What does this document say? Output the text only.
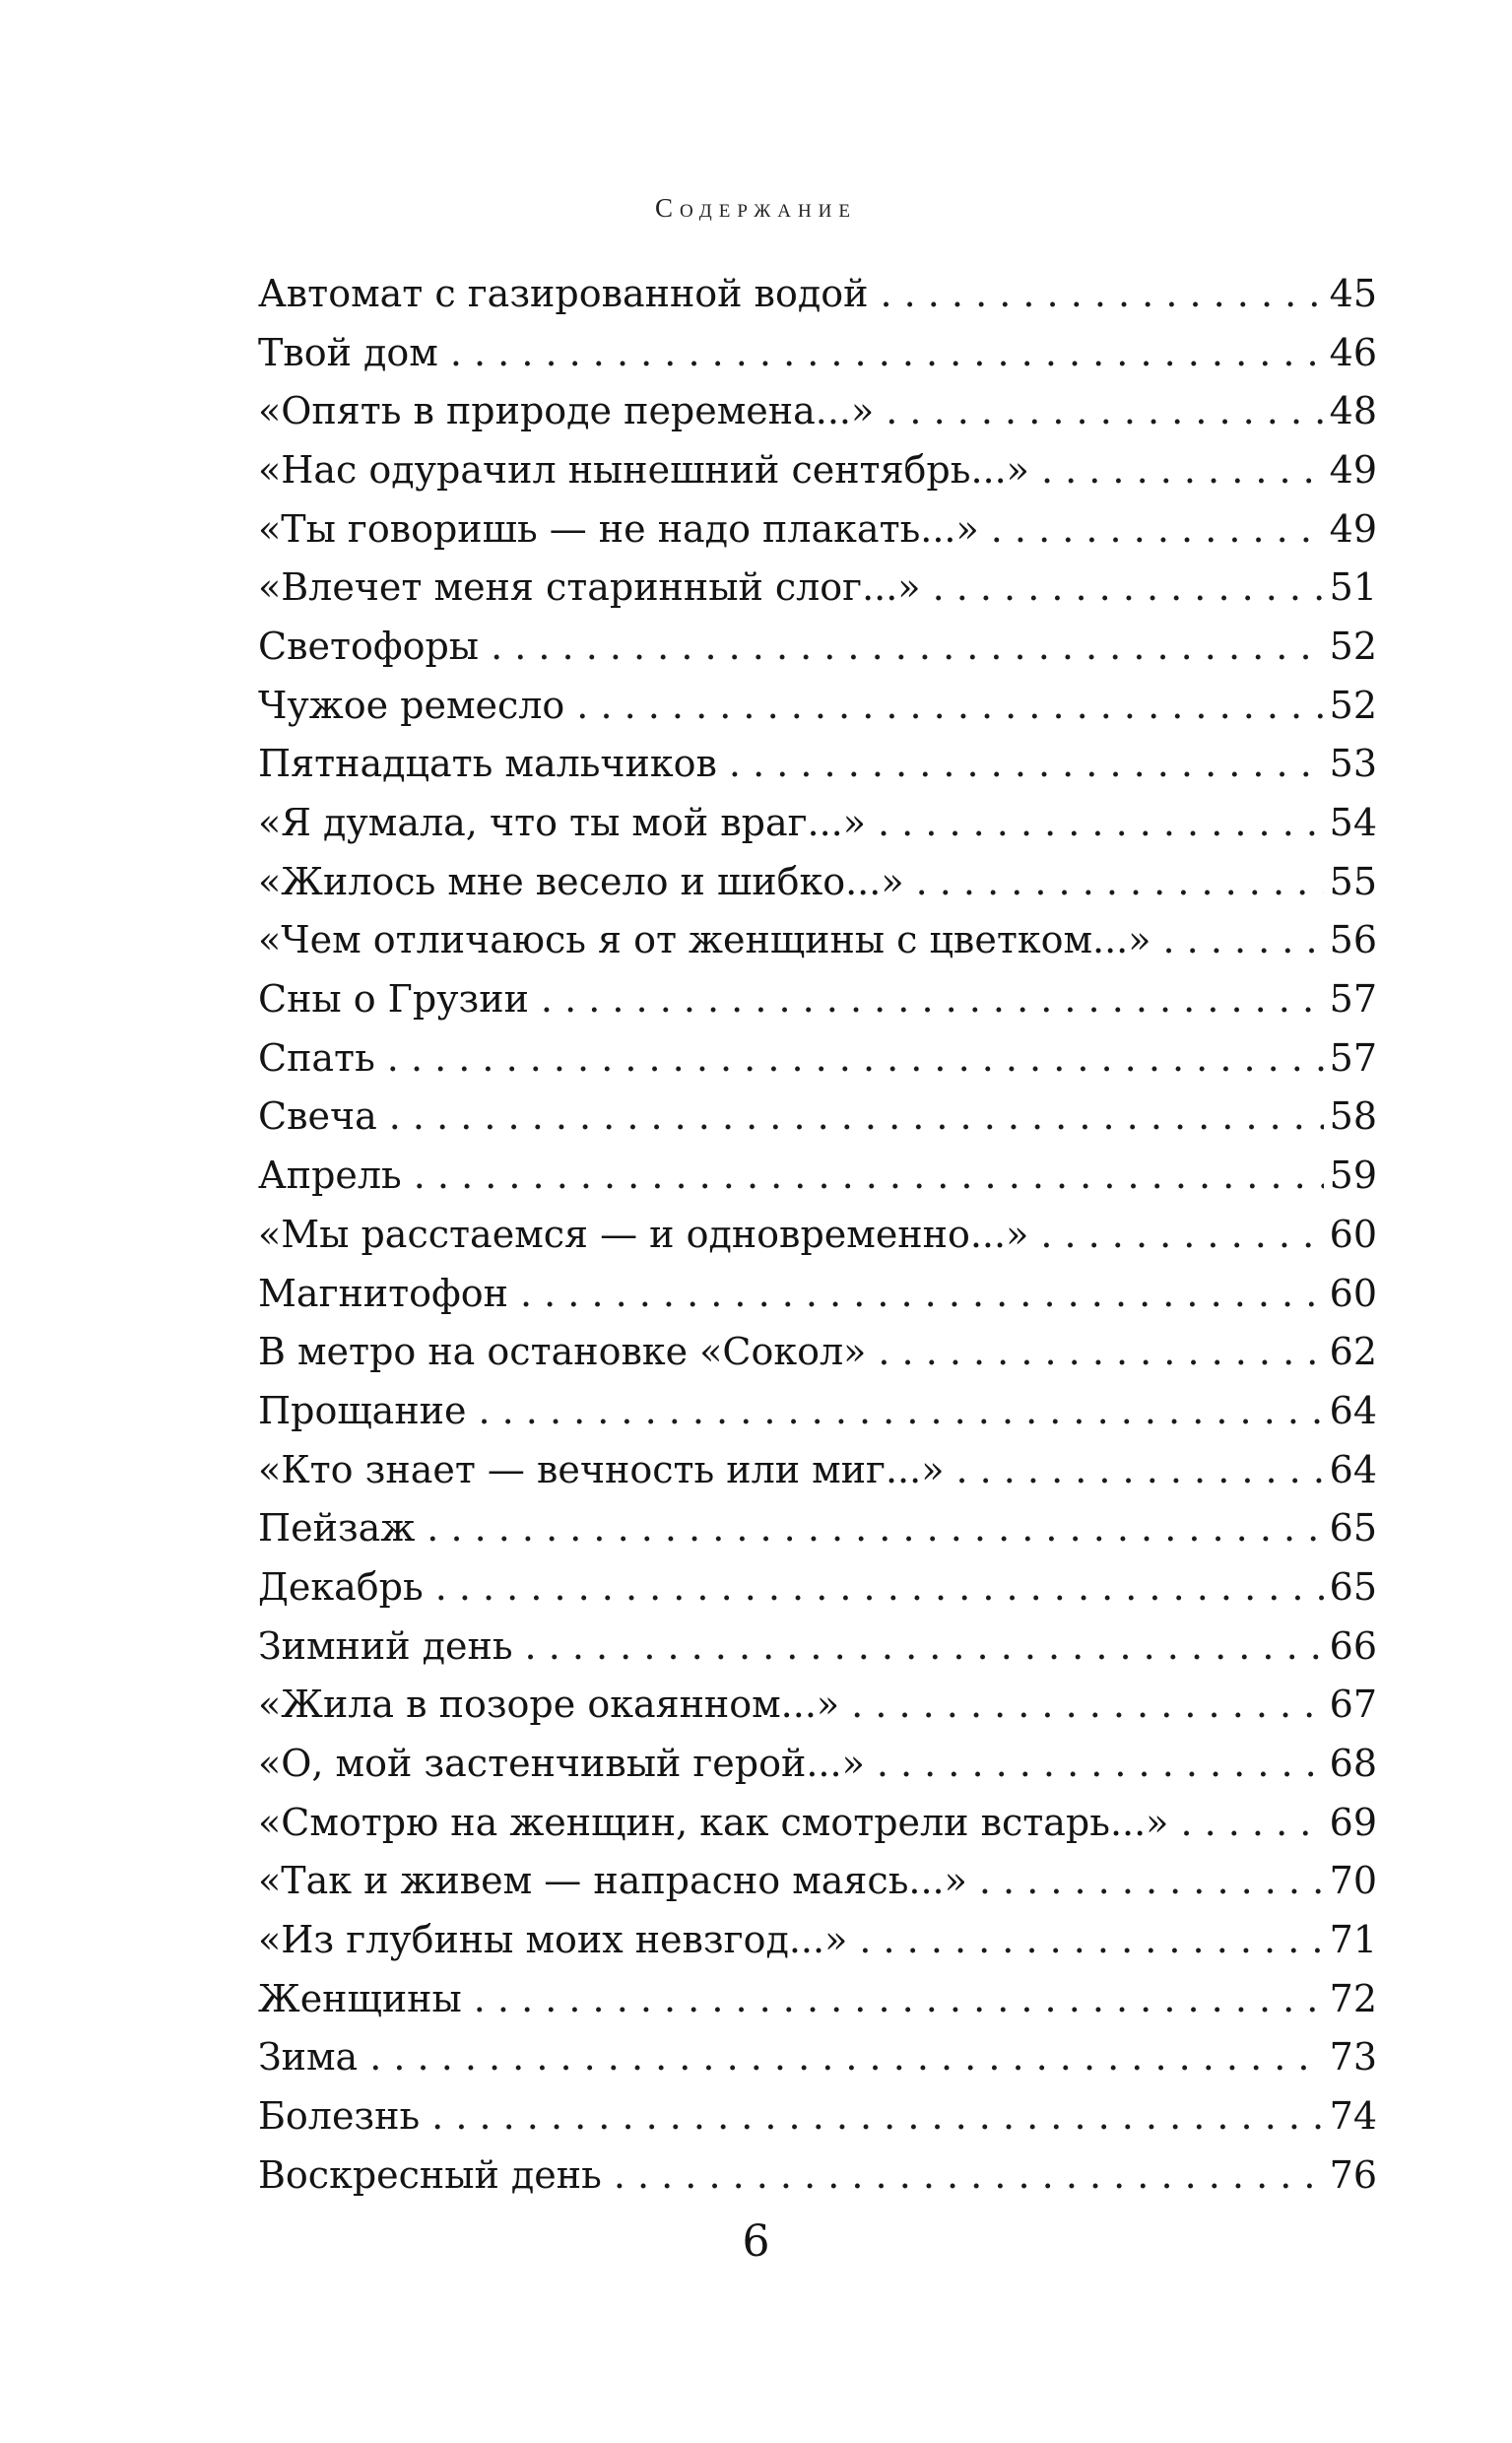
Содержание
Автомат с газированной водой . . .	45
Твой дом . . .	46
«Опять в природе перемена...» . . .	48
«Нас одурачил нынешний сентябрь...» . . .	49
«Ты говоришь — не надо плакать...» . . .	49
«Влечет меня старинный слог...» . . .	51
Светофоры . . .	52
Чужое ремесло . . .	52
Пятнадцать мальчиков . . .	53
«Я думала, что ты мой враг...» . . .	54
«Жилось мне весело и шибко...» . . .	55
«Чем отличаюсь я от женщины с цветком...» . . .	56
Сны о Грузии . . .	57
Спать . . .	57
Свеча . . .	58
Апрель . . .	59
«Мы расстаемся — и одновременно...» . . .	60
Магнитофон . . .	60
В метро на остановке «Сокол» . . .	62
Прощание . . .	64
«Кто знает — вечность или миг...» . . .	64
Пейзаж . . .	65
Декабрь . . .	65
Зимний день . . .	66
«Жила в позоре окаянном...» . . .	67
«О, мой застенчивый герой...» . . .	68
«Смотрю на женщин, как смотрели встарь...» . . .	69
«Так и живем — напрасно маясь...» . . .	70
«Из глубины моих невзгод...» . . .	71
Женщины . . .	72
Зима . . .	73
Болезнь . . .	74
Воскресный день . . .	76
6
